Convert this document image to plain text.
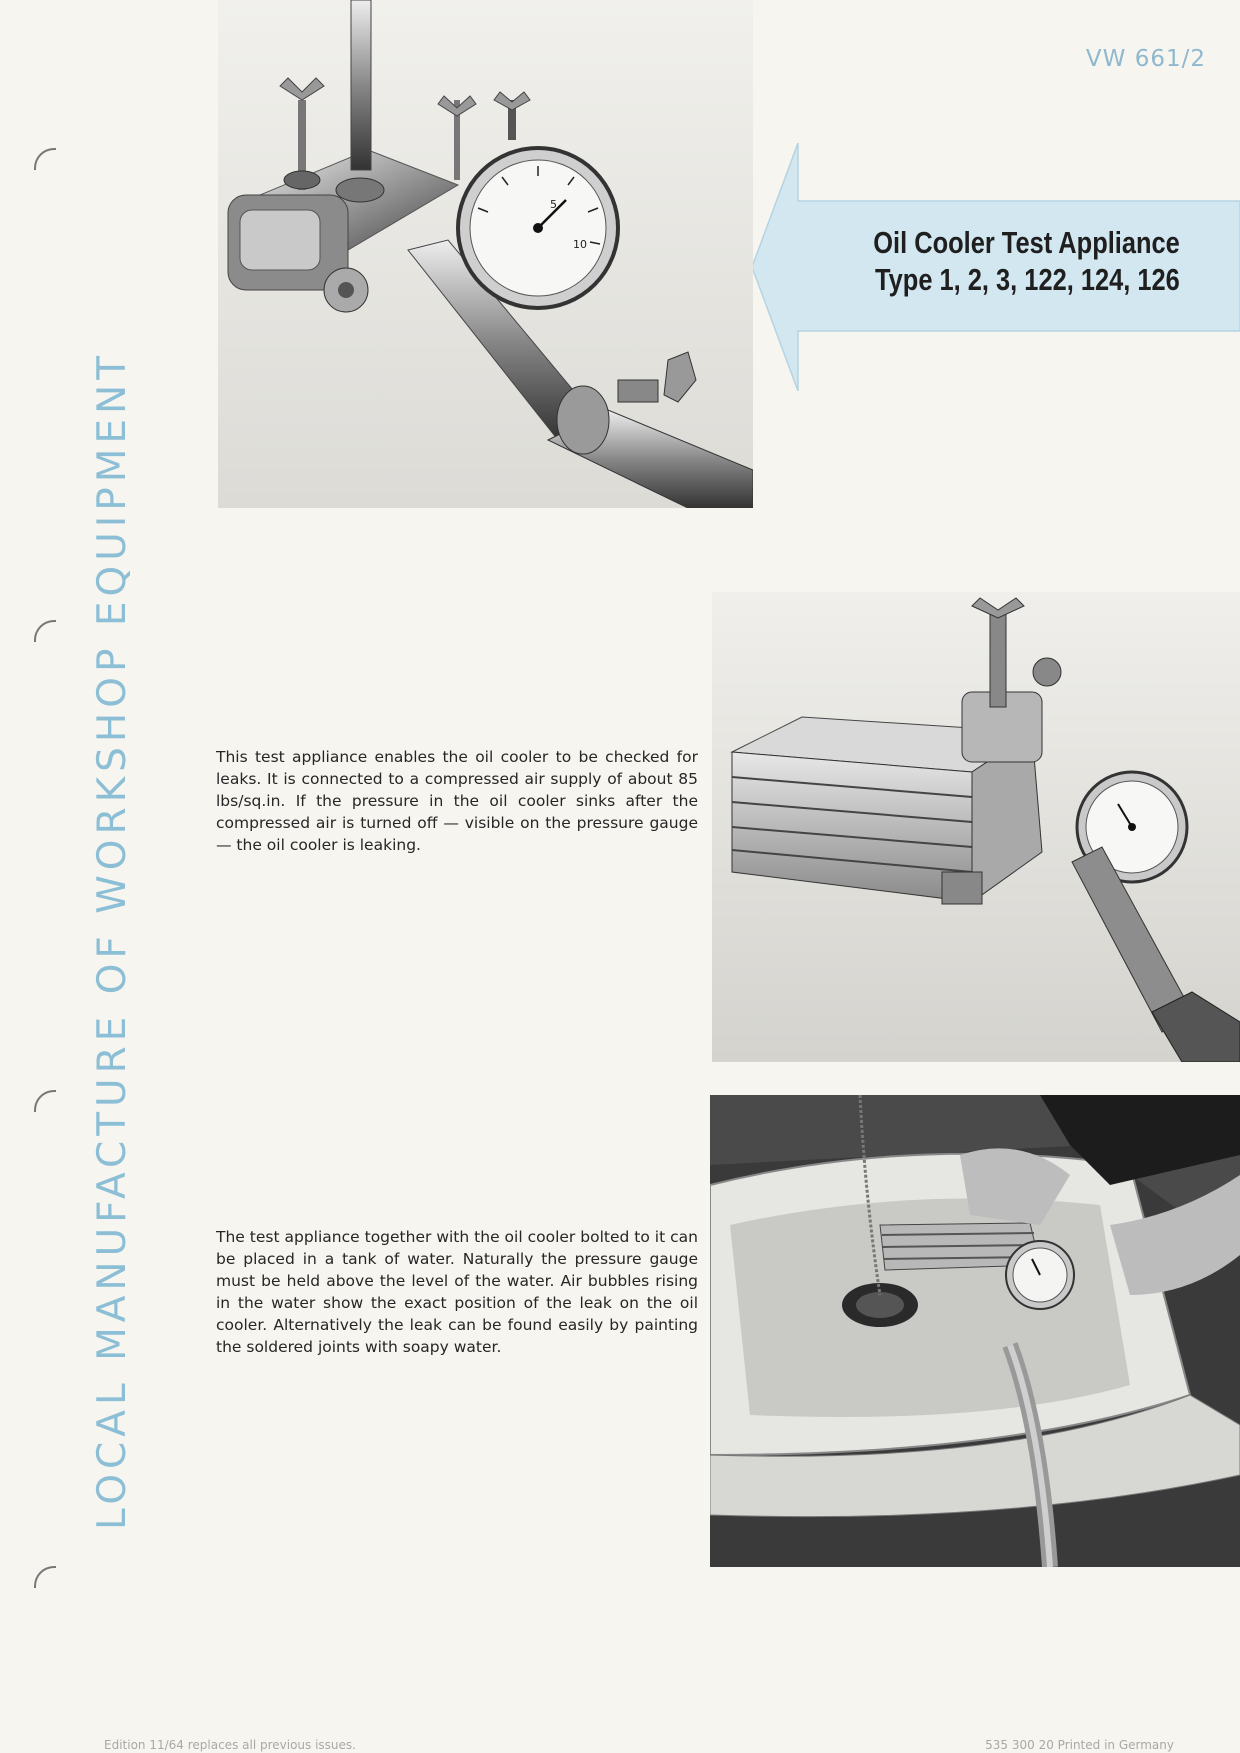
VW 661/2
LOCAL MANUFACTURE OF WORKSHOP EQUIPMENT
Oil Cooler Test Appliance
Type 1, 2, 3, 122, 124, 126
5
10
This test appliance enables the oil cooler to be checked for leaks. It is connected to a compressed air supply of about 85 lbs/sq.in. If the pressure in the oil cooler sinks after the compressed air is turned off — visible on the pressure gauge — the oil cooler is leaking.
The test appliance together with the oil cooler bolted to it can be placed in a tank of water. Naturally the pressure gauge must be held above the level of the water. Air bubbles rising in the water show the exact position of the leak on the oil cooler. Alternatively the leak can be found easily by painting the soldered joints with soapy water.
Edition 11/64 replaces all previous issues.	535 300 20 Printed in Germany
